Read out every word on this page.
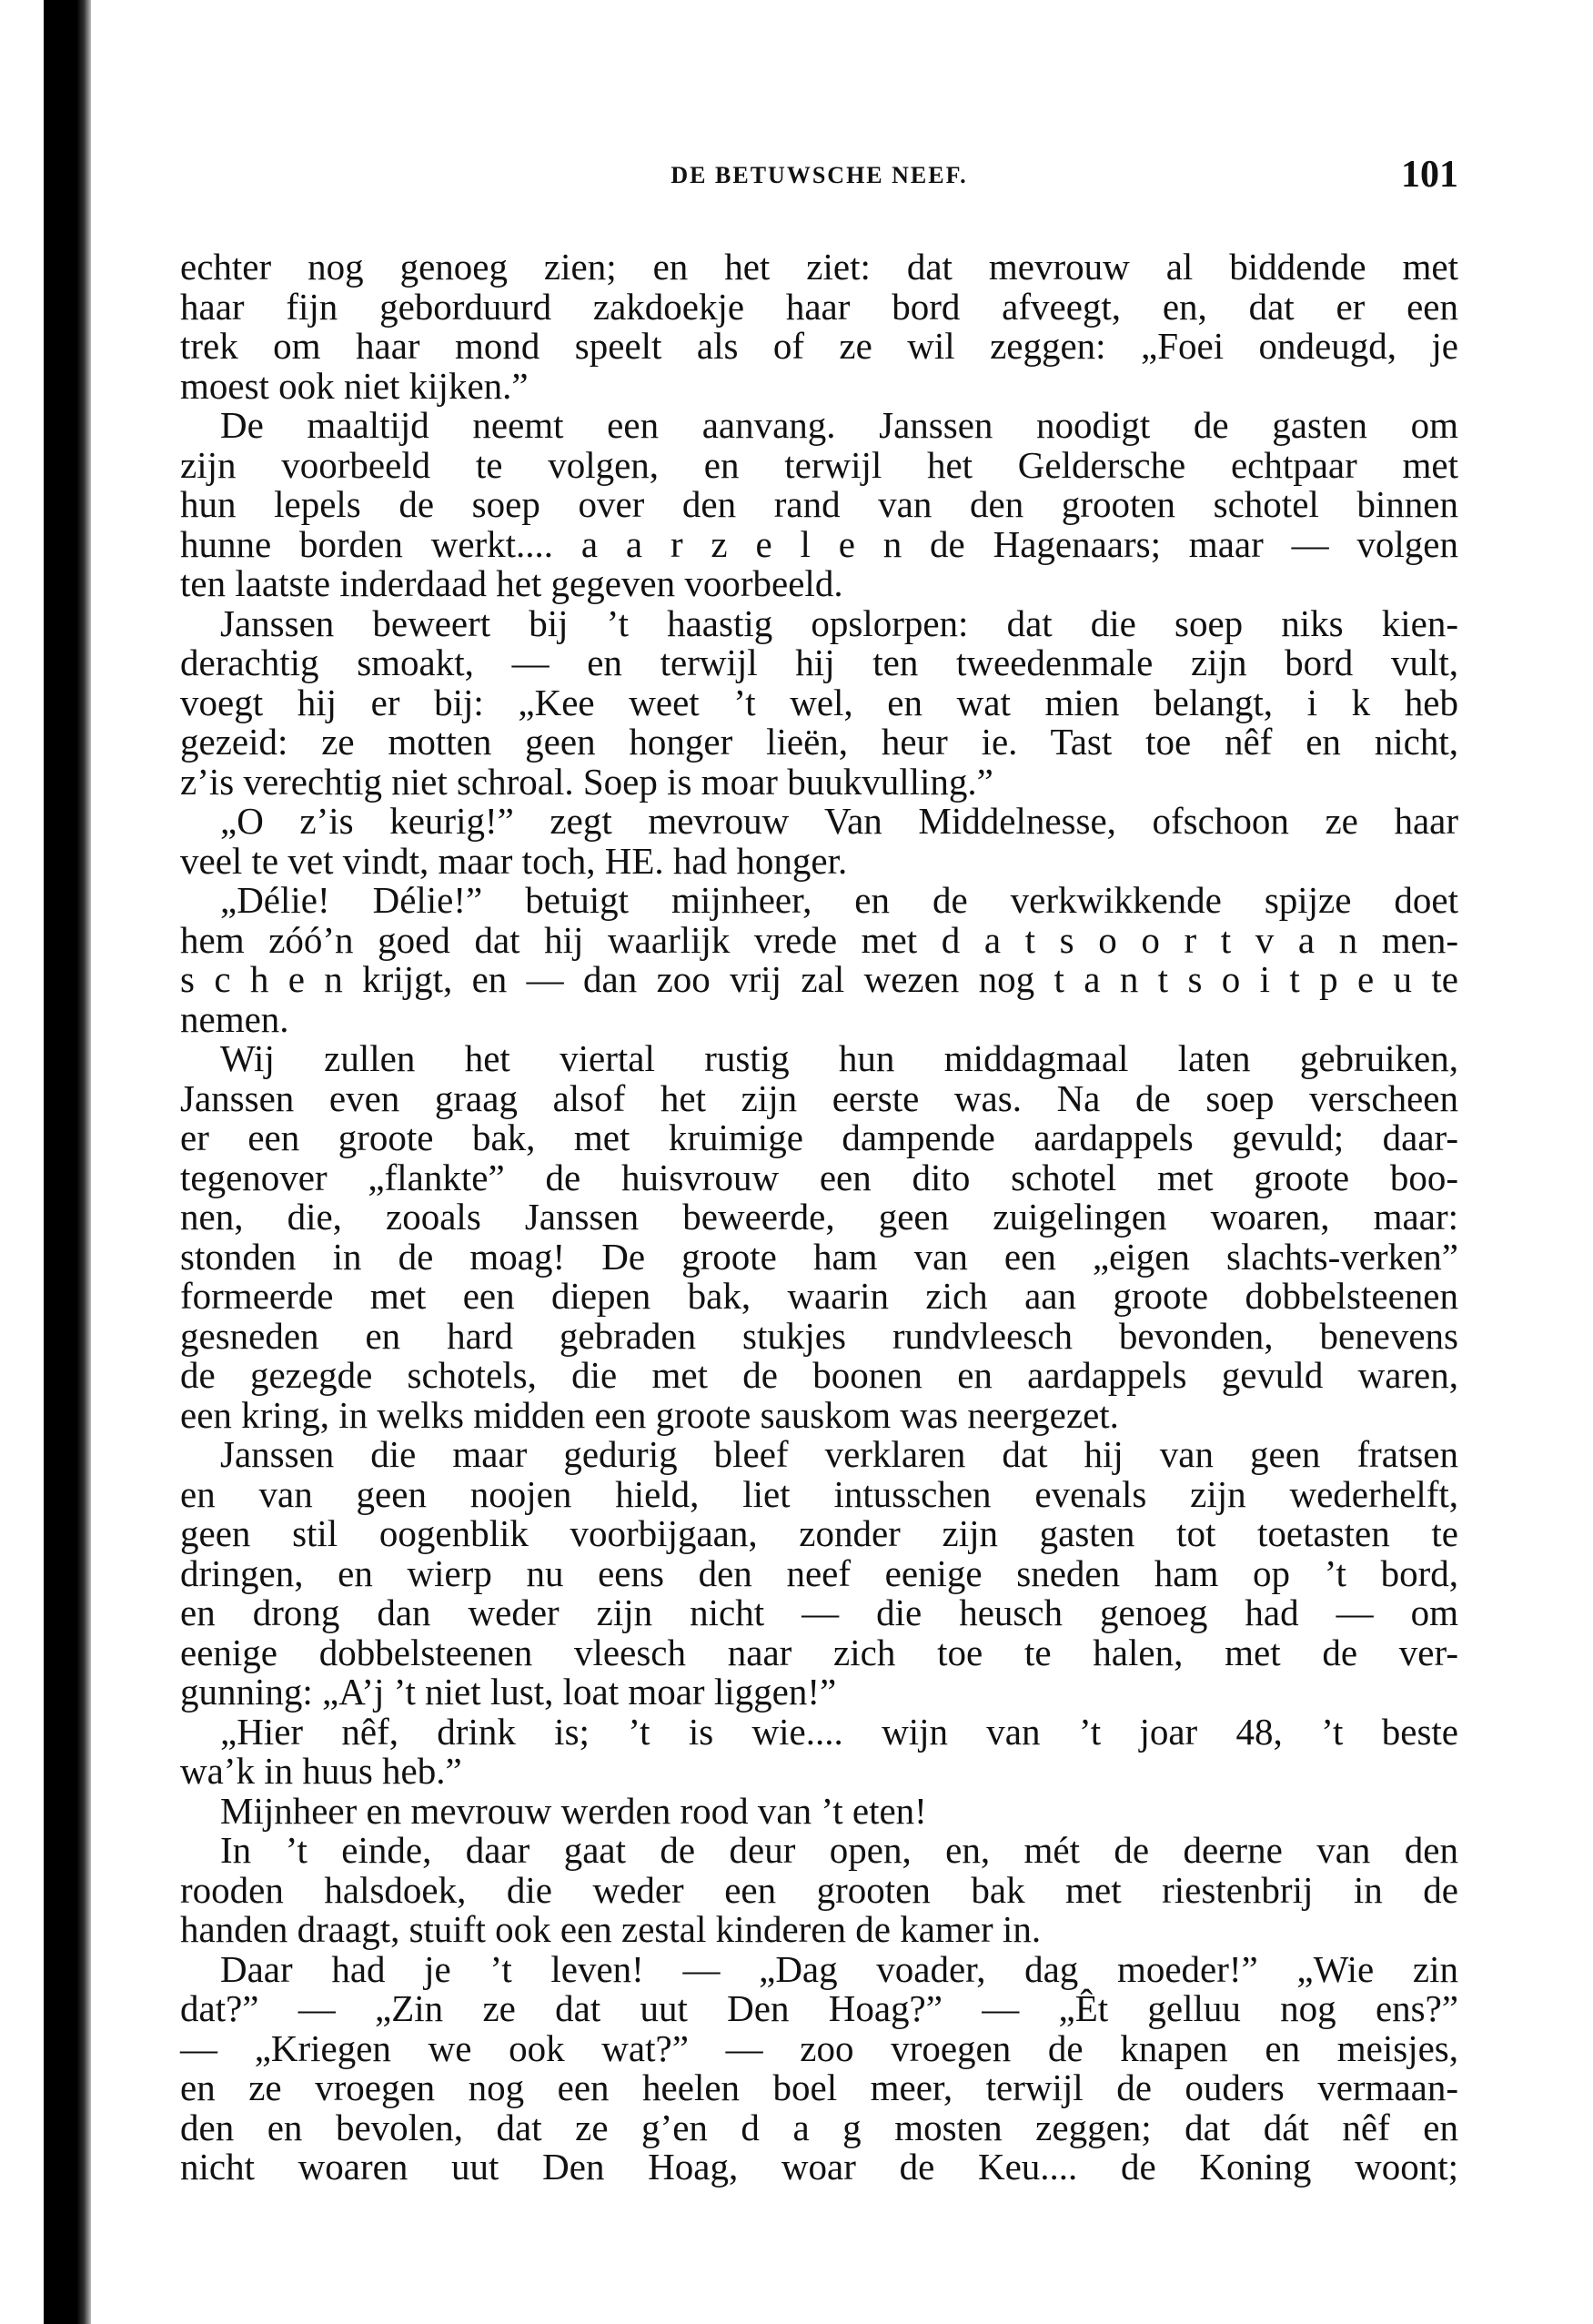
DE BETUWSCHE NEEF.	101
echter nog genoeg zien; en het ziet: dat mevrouw al biddende met
haar fijn geborduurd zakdoekje haar bord afveegt, en, dat er een
trek om haar mond speelt als of ze wil zeggen: „Foei ondeugd, je
moest ook niet kijken.”
De maaltijd neemt een aanvang. Janssen noodigt de gasten om
zijn voorbeeld te volgen, en terwijl het Geldersche echtpaar met
hun lepels de soep over den rand van den grooten schotel binnen
hunne borden werkt.... a a r z e l e n de Hagenaars; maar — volgen
ten laatste inderdaad het gegeven voorbeeld.
Janssen beweert bij ’t haastig opslorpen: dat die soep niks kien-
derachtig smoakt, — en terwijl hij ten tweedenmale zijn bord vult,
voegt hij er bij: „Kee weet ’t wel, en wat mien belangt, i k heb
gezeid: ze motten geen honger lieën, heur ie. Tast toe nêf en nicht,
z’is verechtig niet schroal. Soep is moar buukvulling.”
„O z’is keurig!” zegt mevrouw Van Middelnesse, ofschoon ze haar
veel te vet vindt, maar toch, HE. had honger.
„Délie! Délie!” betuigt mijnheer, en de verkwikkende spijze doet
hem zóó’n goed dat hij waarlijk vrede met d a t s o o r t v a n men-
s c h e n krijgt, en — dan zoo vrij zal wezen nog t a n t s o i t p e u te
nemen.
Wij zullen het viertal rustig hun middagmaal laten gebruiken,
Janssen even graag alsof het zijn eerste was. Na de soep verscheen
er een groote bak, met kruimige dampende aardappels gevuld; daar-
tegenover „flankte” de huisvrouw een dito schotel met groote boo-
nen, die, zooals Janssen beweerde, geen zuigelingen woaren, maar:
stonden in de moag! De groote ham van een „eigen slachts-verken”
formeerde met een diepen bak, waarin zich aan groote dobbelsteenen
gesneden en hard gebraden stukjes rundvleesch bevonden, benevens
de gezegde schotels, die met de boonen en aardappels gevuld waren,
een kring, in welks midden een groote sauskom was neergezet.
Janssen die maar gedurig bleef verklaren dat hij van geen fratsen
en van geen noojen hield, liet intusschen evenals zijn wederhelft,
geen stil oogenblik voorbijgaan, zonder zijn gasten tot toetasten te
dringen, en wierp nu eens den neef eenige sneden ham op ’t bord,
en drong dan weder zijn nicht — die heusch genoeg had — om
eenige dobbelsteenen vleesch naar zich toe te halen, met de ver-
gunning: „A’j ’t niet lust, loat moar liggen!”
„Hier nêf, drink is; ’t is wie.... wijn van ’t joar 48, ’t beste
wa’k in huus heb.”
Mijnheer en mevrouw werden rood van ’t eten!
In ’t einde, daar gaat de deur open, en, mét de deerne van den
rooden halsdoek, die weder een grooten bak met riestenbrij in de
handen draagt, stuift ook een zestal kinderen de kamer in.
Daar had je ’t leven! — „Dag voader, dag moeder!” „Wie zin
dat?” — „Zin ze dat uut Den Hoag?” — „Êt gelluu nog ens?”
— „Kriegen we ook wat?” — zoo vroegen de knapen en meisjes,
en ze vroegen nog een heelen boel meer, terwijl de ouders vermaan-
den en bevolen, dat ze g’en d a g mosten zeggen; dat dát nêf en
nicht woaren uut Den Hoag, woar de Keu.... de Koning woont;
